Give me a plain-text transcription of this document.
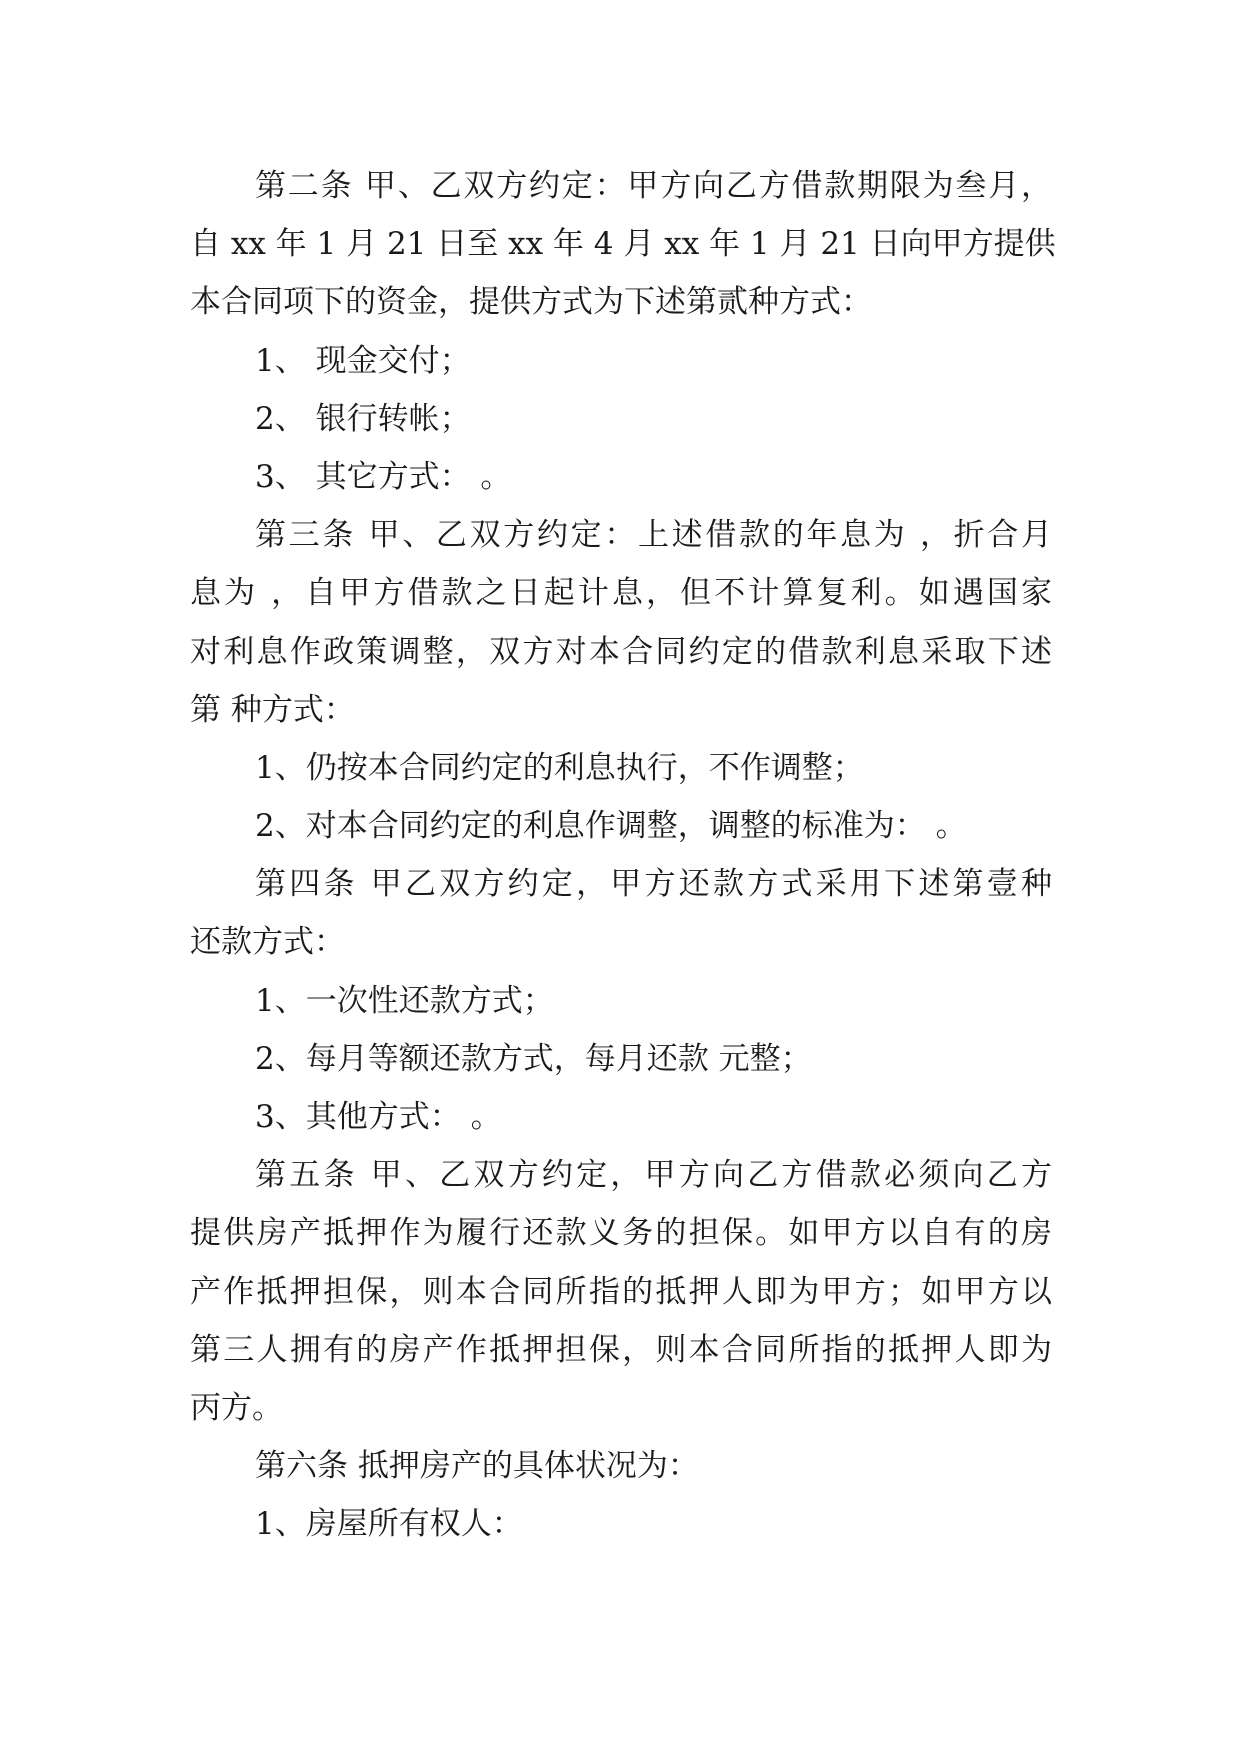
第二条 甲、乙双方约定：甲方向乙方借款期限为叁月，

自 xx 年 1 月 21 日至 xx 年 4 月 xx 年 1 月 21 日向甲方提供

本合同项下的资金，提供方式为下述第贰种方式：

1、 现金交付；

2、 银行转帐；

3、 其它方式： 。

第三条 甲、乙双方约定：上述借款的年息为 ，折合月

息为 ，自甲方借款之日起计息，但不计算复利。如遇国家

对利息作政策调整，双方对本合同约定的借款利息采取下述

第 种方式：

1、仍按本合同约定的利息执行，不作调整；

2、对本合同约定的利息作调整，调整的标准为： 。

第四条 甲乙双方约定，甲方还款方式采用下述第壹种

还款方式：

1、一次性还款方式；

2、每月等额还款方式，每月还款 元整；

3、其他方式： 。

第五条 甲、乙双方约定，甲方向乙方借款必须向乙方

提供房产抵押作为履行还款义务的担保。如甲方以自有的房

产作抵押担保，则本合同所指的抵押人即为甲方；如甲方以

第三人拥有的房产作抵押担保，则本合同所指的抵押人即为

丙方。

第六条 抵押房产的具体状况为：

1、房屋所有权人：
